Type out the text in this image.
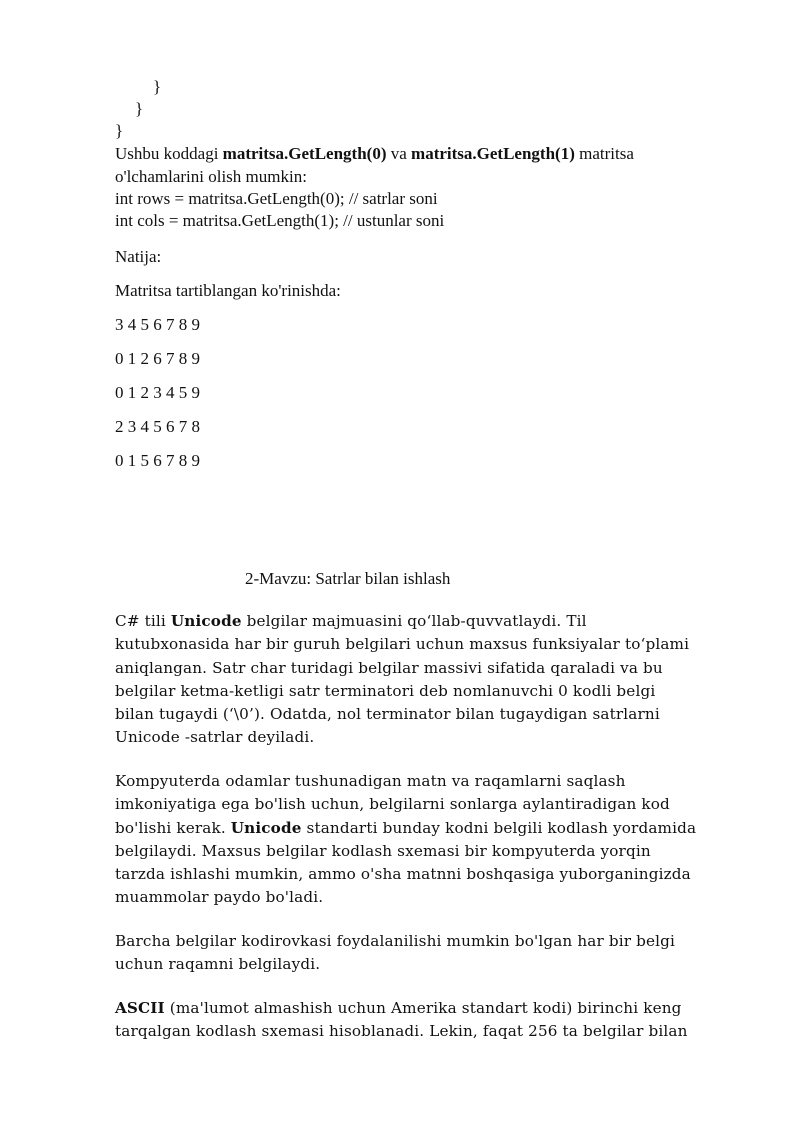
}
}
}
Ushbu koddagi matritsa.GetLength(0) va matritsa.GetLength(1) matritsa
o'lchamlarini olish mumkin:
int rows = matritsa.GetLength(0); // satrlar soni
int cols = matritsa.GetLength(1); // ustunlar soni
Natija:
Matritsa tartiblangan ko'rinishda:
3 4 5 6 7 8 9
0 1 2 6 7 8 9
0 1 2 3 4 5 9
2 3 4 5 6 7 8
0 1 5 6 7 8 9
2-Mavzu: Satrlar bilan ishlash

C# tili Unicode belgilar majmuasini qo‘llab-quvvatlaydi. Til

kutubxonasida har bir guruh belgilari uchun maxsus funksiyalar to‘plami

aniqlangan. Satr char turidagi belgilar massivi sifatida qaraladi va bu

belgilar ketma-ketligi satr terminatori deb nomlanuvchi 0 kodli belgi

bilan tugaydi (‘\0’). Odatda, nol terminator bilan tugaydigan satrlarni

Unicode -satrlar deyiladi.

Kompyuterda odamlar tushunadigan matn va raqamlarni saqlash

imkoniyatiga ega bo'lish uchun, belgilarni sonlarga aylantiradigan kod

bo'lishi kerak. Unicode standarti bunday kodni belgili kodlash yordamida

belgilaydi. Maxsus belgilar kodlash sxemasi bir kompyuterda yorqin

tarzda ishlashi mumkin, ammo o'sha matnni boshqasiga yuborganingizda

muammolar paydo bo'ladi.

Barcha belgilar kodirovkasi foydalanilishi mumkin bo'lgan har bir belgi

uchun raqamni belgilaydi.

ASCII (ma'lumot almashish uchun Amerika standart kodi) birinchi keng

tarqalgan kodlash sxemasi hisoblanadi. Lekin, faqat 256 ta belgilar bilan
